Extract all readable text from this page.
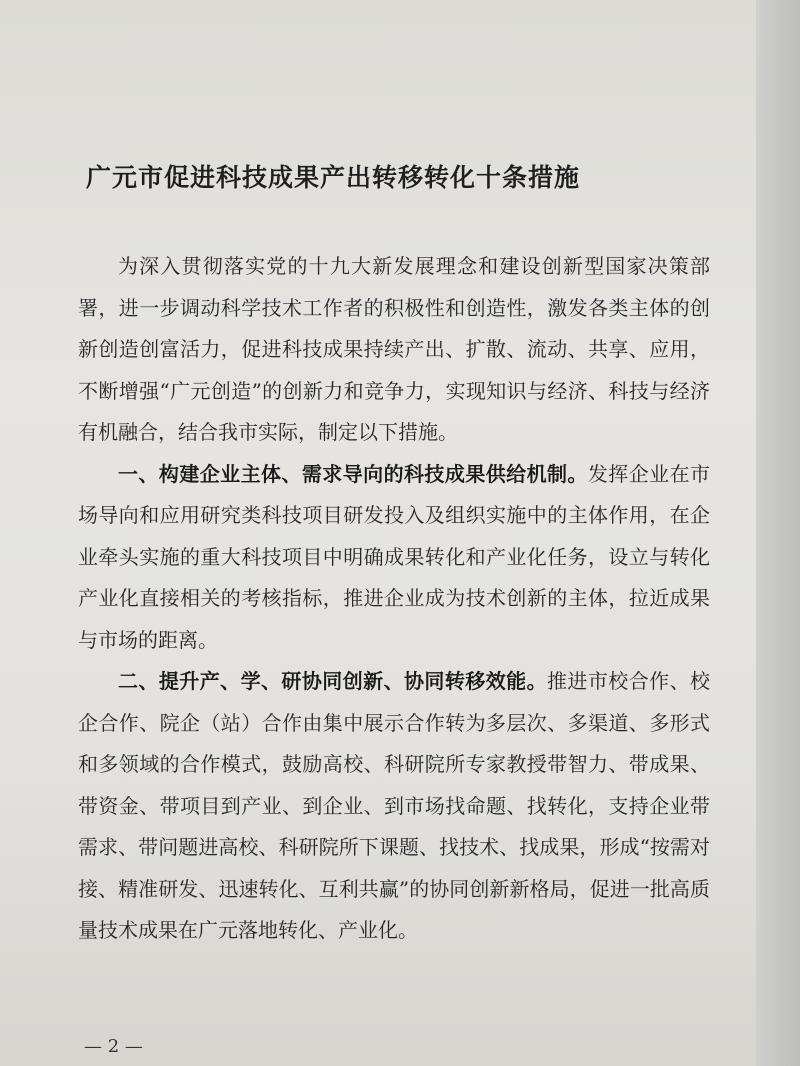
广元市促进科技成果产出转移转化十条措施

为深入贯彻落实党的十九大新发展理念和建设创新型国家决策部署，进一步调动科学技术工作者的积极性和创造性，激发各类主体的创新创造创富活力，促进科技成果持续产出、扩散、流动、共享、应用，不断增强“广元创造”的创新力和竞争力，实现知识与经济、科技与经济有机融合，结合我市实际，制定以下措施。

一、构建企业主体、需求导向的科技成果供给机制。发挥企业在市场导向和应用研究类科技项目研发投入及组织实施中的主体作用，在企业牵头实施的重大科技项目中明确成果转化和产业化任务，设立与转化产业化直接相关的考核指标，推进企业成为技术创新的主体，拉近成果与市场的距离。

二、提升产、学、研协同创新、协同转移效能。推进市校合作、校企合作、院企（站）合作由集中展示合作转为多层次、多渠道、多形式和多领域的合作模式，鼓励高校、科研院所专家教授带智力、带成果、带资金、带项目到产业、到企业、到市场找命题、找转化，支持企业带需求、带问题进高校、科研院所下课题、找技术、找成果，形成“按需对接、精准研发、迅速转化、互利共赢”的协同创新新格局，促进一批高质量技术成果在广元落地转化、产业化。

— 2 —
